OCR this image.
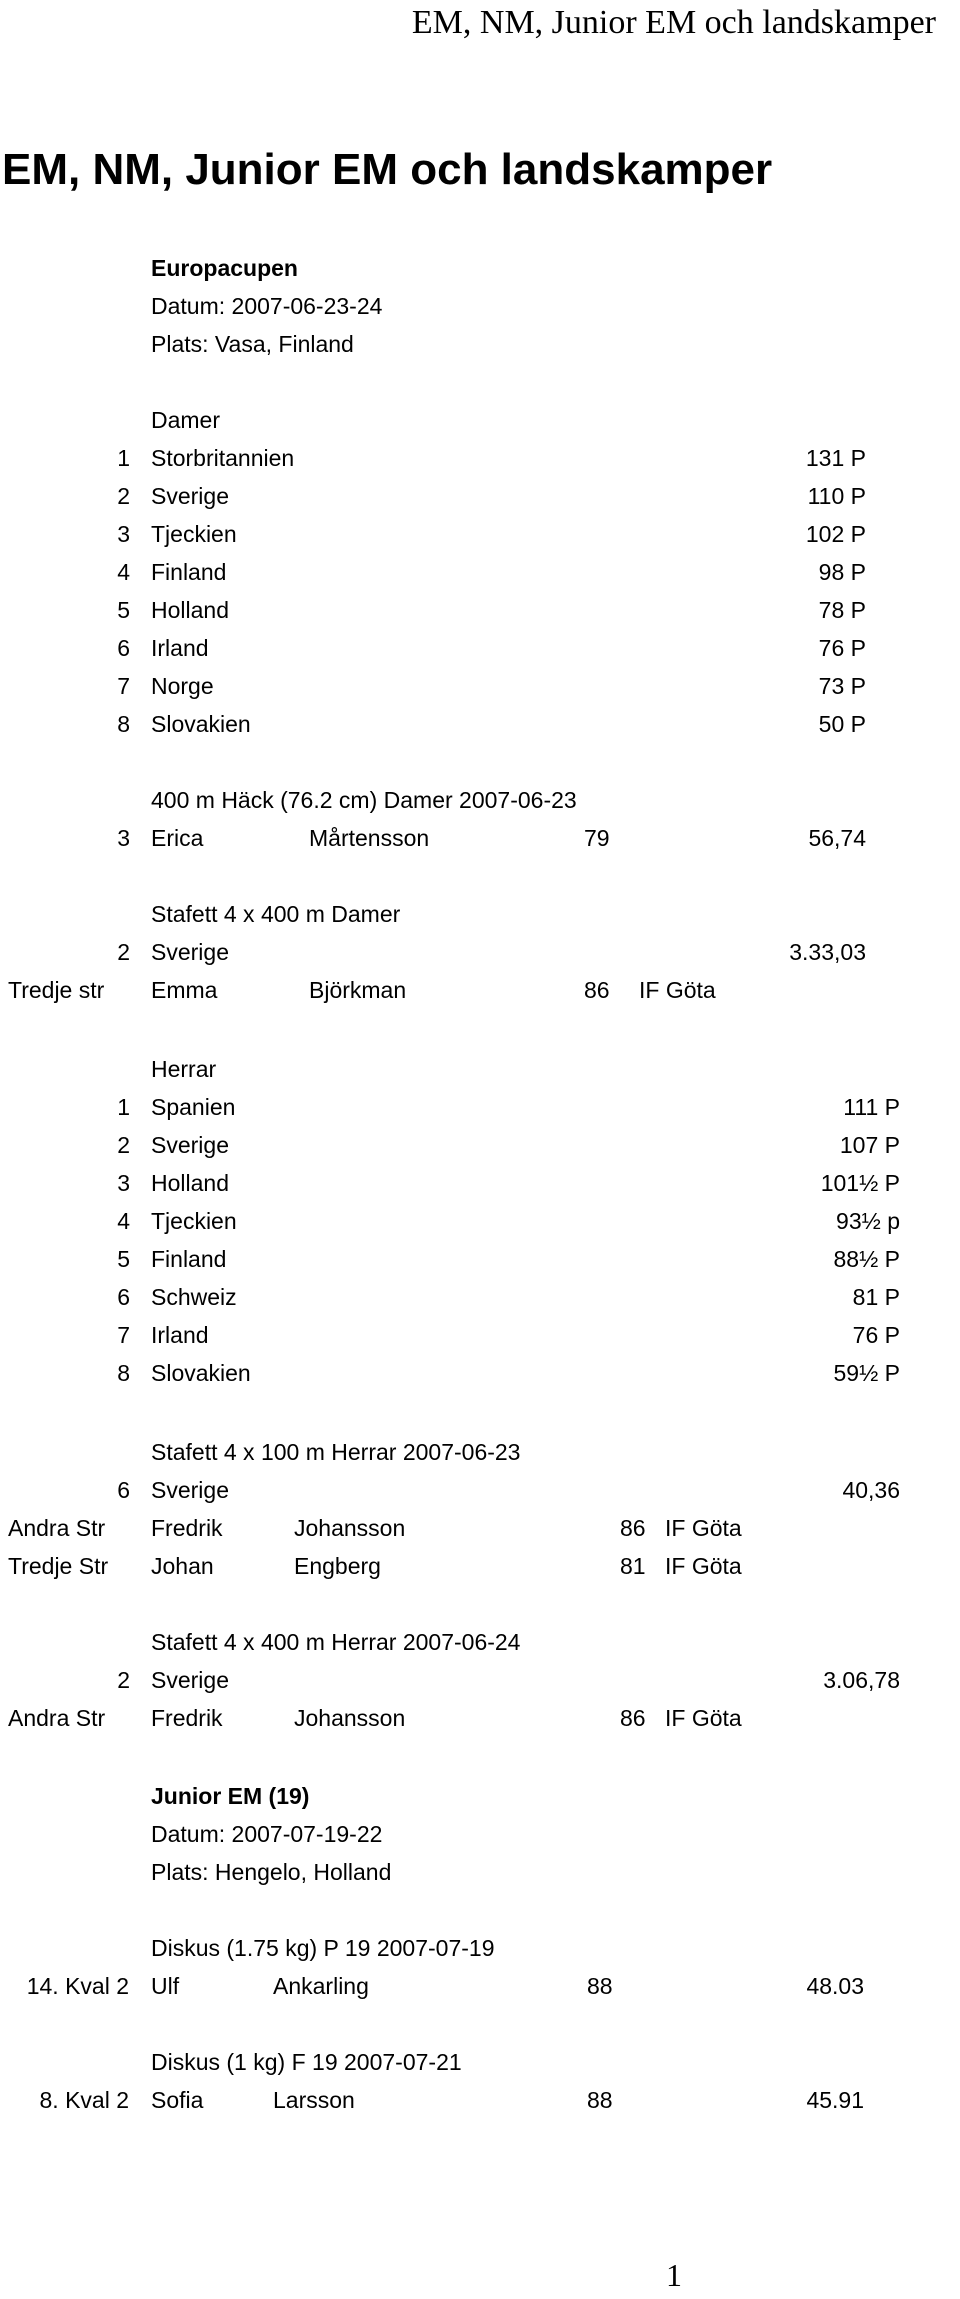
EM, NM, Junior EM och landskamper
EM, NM, Junior EM och landskamper
Europacupen
Datum: 2007-06-23-24
Plats: Vasa, Finland
Damer
1 Storbritannien	131 P
2 Sverige	110 P
3 Tjeckien	102 P
4 Finland	98 P
5 Holland	78 P
6 Irland	76 P
7 Norge	73 P
8 Slovakien	50 P
400 m Häck (76.2 cm) Damer 2007-06-23
3 Erica	Mårtensson	79	56,74
Stafett 4 x 400 m Damer
2 Sverige	3.33,03
Tredje str Emma	Björkman	86 IF Göta
Herrar
1 Spanien	111 P
2 Sverige	107 P
3 Holland	101½ P
4 Tjeckien	93½ p
5 Finland	88½ P
6 Schweiz	81 P
7 Irland	76 P
8 Slovakien	59½ P
Stafett 4 x 100 m Herrar 2007-06-23
6 Sverige	40,36
Andra Str Fredrik	Johansson	86 IF Göta
Tredje Str Johan	Engberg	81 IF Göta
Stafett 4 x 400 m Herrar 2007-06-24
2 Sverige	3.06,78
Andra Str Fredrik	Johansson	86 IF Göta
Junior EM (19)
Datum: 2007-07-19-22
Plats: Hengelo, Holland
Diskus (1.75 kg) P 19 2007-07-19
14. Kval 2 Ulf	Ankarling	88	48.03
Diskus (1 kg) F 19 2007-07-21
8. Kval 2 Sofia	Larsson	88	45.91
1
